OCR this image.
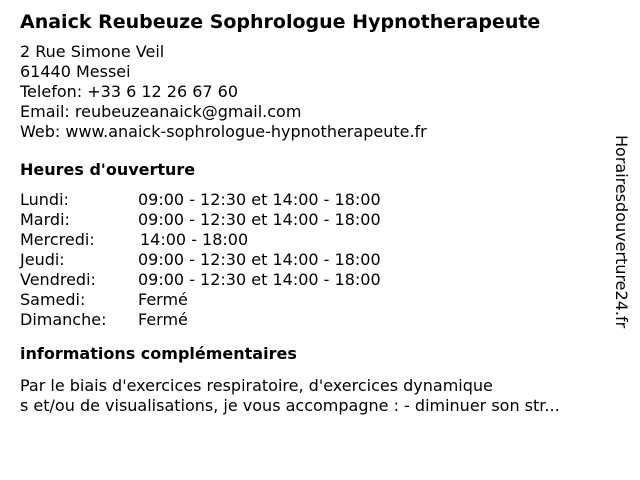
Anaick Reubeuze Sophrologue Hypnotherapeute
2 Rue Simone Veil
61440 Messei
Telefon: +33 6 12 26 67 60
Email: reubeuzeanaick@gmail.com
Web: www.anaick-sophrologue-hypnotherapeute.fr
Heures d'ouverture
Lundi:	09:00 - 12:30 et 14:00 - 18:00
Mardi:	09:00 - 12:30 et 14:00 - 18:00
Mercredi:	14:00 - 18:00
Jeudi:	09:00 - 12:30 et 14:00 - 18:00
Vendredi:	09:00 - 12:30 et 14:00 - 18:00
Samedi:	Fermé
Dimanche:	Fermé
informations complémentaires
Par le biais d'exercices respiratoire, d'exercices dynamique
s et/ou de visualisations, je vous accompagne : - diminuer son str...
Horairesdouverture24.fr
